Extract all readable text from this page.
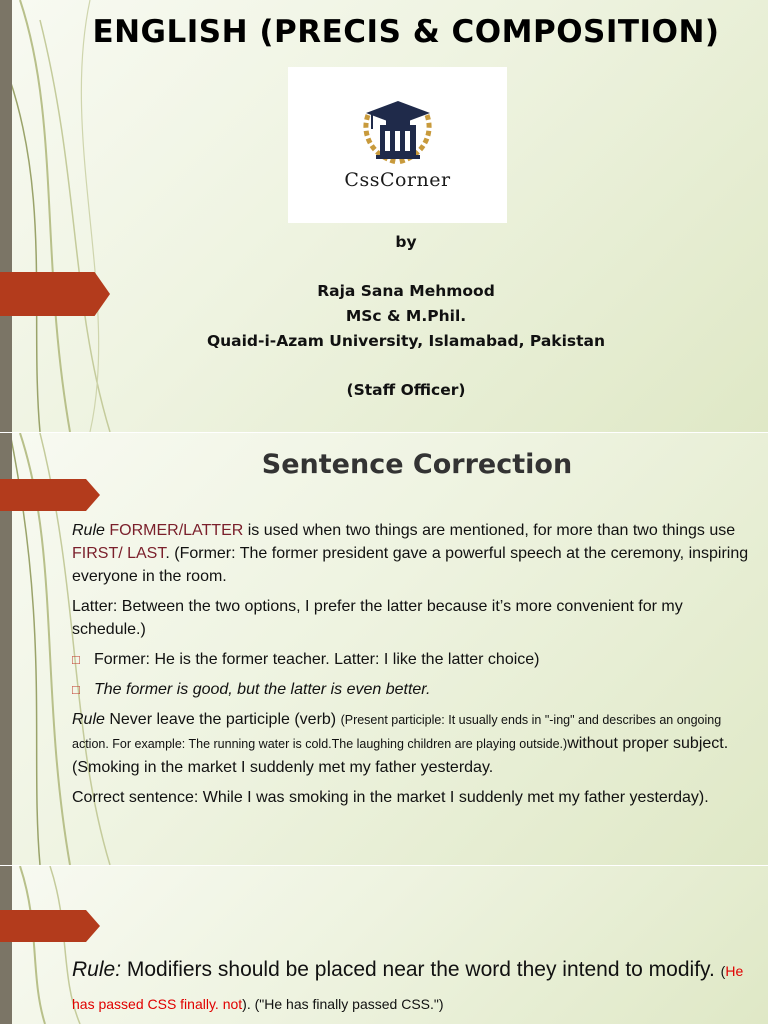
ENGLISH (PRECIS & COMPOSITION)
CssCorner
by
Raja Sana Mehmood
MSc & M.Phil.
Quaid-i-Azam University, Islamabad, Pakistan
(Staff Officer)
Sentence Correction

Rule FORMER/LATTER is used when two things are mentioned, for more than two things use FIRST/ LAST. (Former: The former president gave a powerful speech at the ceremony, inspiring everyone in the room.

Latter: Between the two options, I prefer the latter because it’s more convenient for my schedule.)

□ Former: He is the former teacher. Latter: I like the latter choice)
□ The former is good, but the latter is even better.

Rule Never leave the participle (verb) (Present participle: It usually ends in "-ing" and describes an ongoing action. For example: The running water is cold.The laughing children are playing outside.)without proper subject. (Smoking in the market I suddenly met my father yesterday.

Correct sentence: While I was smoking in the market I suddenly met my father yesterday).

Rule: Modifiers should be placed near the word they intend to modify. (He has passed CSS finally. not). ("He has finally passed CSS.")
